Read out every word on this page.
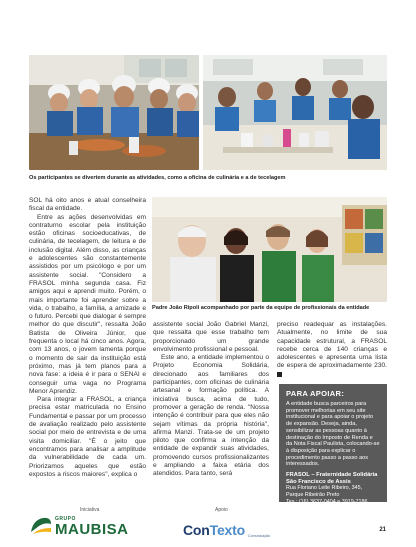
Os participantes se divertem durante as atividades, como a oficina de culinária e a de tecelagem
Padre João Ripoli acompanhado por parte da equipe de profissionais da entidade

SOL há oito anos e atual conselheira fiscal da entidade.

Entre as ações desenvolvidas em contraturno escolar pela instituição estão oficinas socioeducativas, de culinária, de tecelagem, de leitura e de inclusão digital. Além disso, as crianças e adolescentes são constantemente assistidos por um psicólogo e por um assistente social. "Considero a FRASOL minha segunda casa. Fiz amigos aqui e aprendi muito. Porém, o mais importante foi aprender sobre a vida, o trabalho, a família, a amizade e o futuro. Percebi que dialogar é sempre melhor do que discutir", ressalta João Batista de Oliveira Júnior, que frequenta o local há cinco anos. Agora, com 13 anos, o jovem lamenta porque o momento de sair da instituição está próximo, mas já tem planos para a nova fase: a ideia é ir para o SENAI e conseguir uma vaga no Programa Menor Aprendiz.

Para integrar a FRASOL, a criança precisa estar matriculada no Ensino Fundamental e passar por um processo de avaliação realizado pelo assistente social por meio de entrevista e de uma visita domiciliar. "É o jeito que encontramos para analisar a amplitude da vulnerabilidade de cada um. Priorizamos aqueles que estão expostos a riscos maiores", explica o

assistente social João Gabriel Manzi, que ressalta que esse trabalho tem proporcionado um grande envolvimento profissional e pessoal.

Este ano, a entidade implementou o Projeto Economia Solidária, direcionado aos familiares dos participantes, com oficinas de culinária artesanal e formação política. A iniciativa busca, acima de tudo, promover a geração de renda. "Nossa intenção é contribuir para que eles não sejam vítimas da própria história", afirma Manzi. Trata-se de um projeto piloto que confirma a intenção da entidade de expandir suas atividades, promovendo cursos profissionalizantes e ampliando a faixa etária dos atendidos. Para tanto, será

preciso readequar as instalações. Atualmente, no limite de sua capacidade estrutural, a FRASOL recebe cerca de 140 crianças e adolescentes e apresenta uma lista de espera de aproximadamente 230.

PARA APOIAR:
A entidade busca parceiros para promover melhorias em seu site institucional e para apoiar o projeto de expansão. Deseja, ainda, sensibilizar as pessoas quanto à destinação do Imposto de Renda e da Nota Fiscal Paulista, colocando-se à disposição para explicar o procedimento passo a passo aos interessados.
FRASOL – Fraternidade Solidária São Francisco de Assis
Rua Floriano Leite Ribeiro, 345,
Parque Ribeirão Preto
Tes.: (16) 3637-0404 e 3919-7186
www.frasol.org.br
E-mail: frasol@ig.com.br
Iniciativa	Apoio
GRUPO
MAUBISA	ConTexto Comunicação
21
